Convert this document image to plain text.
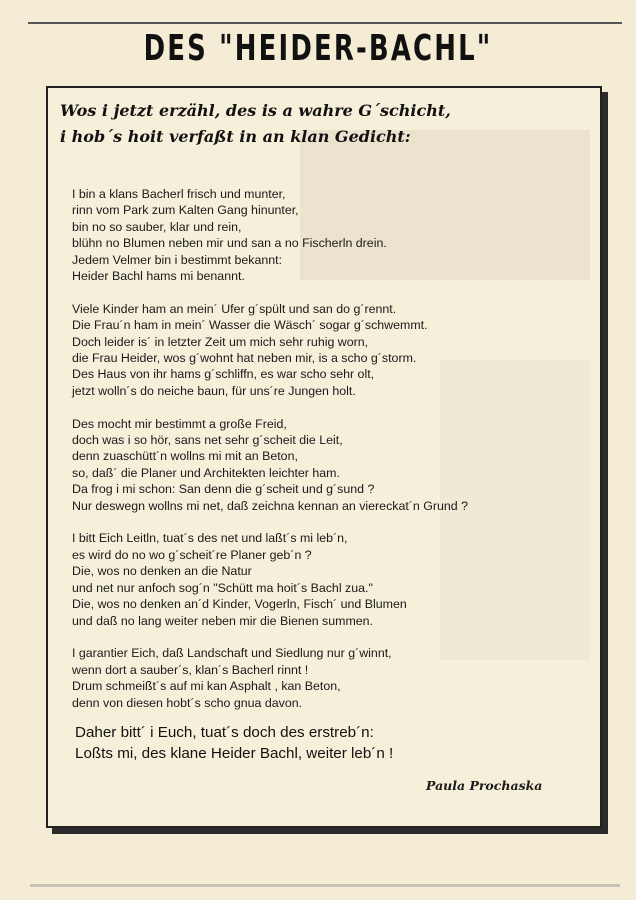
DES "HEIDER-BACHL"
Wos i jetzt erzähl, des is a wahre G´schicht,
i hob´s hoit verfaßt in an klan Gedicht:
I bin a klans Bacherl frisch und munter,
rinn vom Park zum Kalten Gang hinunter,
bin no so sauber, klar und rein,
blühn no Blumen neben mir und san a no Fischerln drein.
Jedem Velmer bin i bestimmt bekannt:
Heider Bachl hams mi benannt.
Viele Kinder ham an mein´ Ufer g´spült und san do g´rennt.
Die Frau´n ham in mein´ Wasser die Wäsch´ sogar g´schwemmt.
Doch leider is´ in letzter Zeit um mich sehr ruhig worn,
die Frau Heider, wos g´wohnt hat neben mir, is a scho g´storm.
Des Haus von ihr hams g´schliffn, es war scho sehr olt,
jetzt wolln´s do neiche baun, für uns´re Jungen holt.
Des mocht mir bestimmt a große Freid,
doch was i so hör, sans net sehr g´scheit die Leit,
denn zuaschütt´n wollns mi mit an Beton,
so, daß´ die Planer und Architekten leichter ham.
Da frog i mi schon: San denn die g´scheit und g´sund ?
Nur deswegn wollns mi net, daß zeichna kennan an viereckat´n Grund ?
I bitt Eich Leitln, tuat´s des net und laßt´s mi leb´n,
es wird do no wo g´scheit´re Planer geb´n ?
Die, wos no denken an die Natur
und net nur anfoch sog´n "Schütt ma hoit´s Bachl zua."
Die, wos no denken an´d Kinder, Vogerln, Fisch´ und Blumen
und daß no lang weiter neben mir die Bienen summen.
I garantier Eich, daß Landschaft und Siedlung nur g´winnt,
wenn dort a sauber´s, klan´s Bacherl rinnt !
Drum schmeißt´s auf mi kan Asphalt , kan Beton,
denn von diesen hobt´s scho gnua davon.
Daher bitt´ i Euch, tuat´s doch des erstreb´n:
Loßts mi, des klane Heider Bachl, weiter leb´n !
Paula Prochaska
